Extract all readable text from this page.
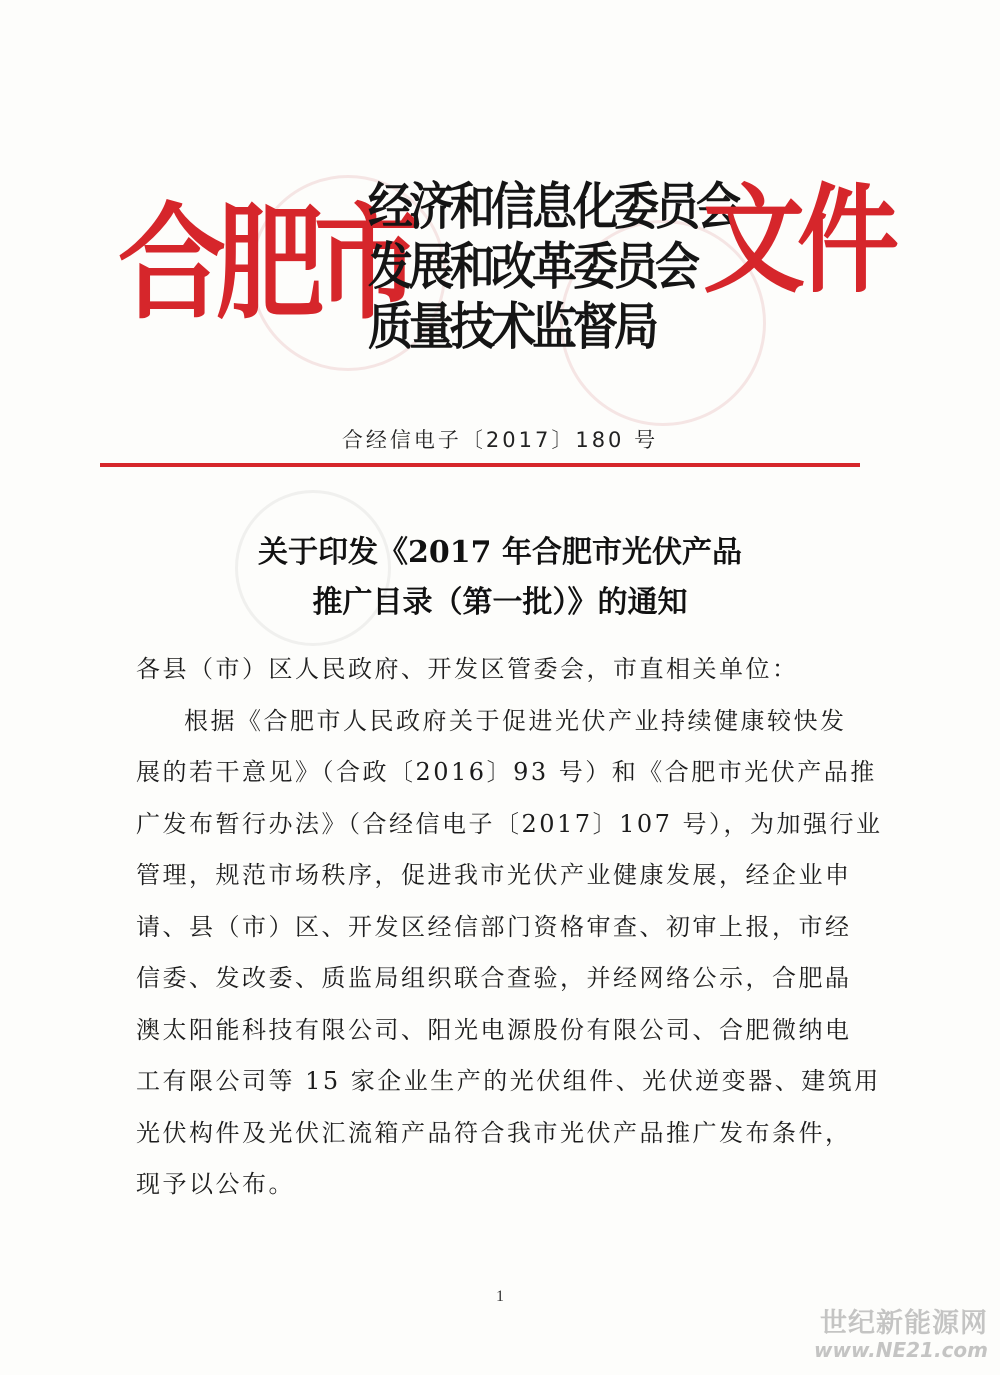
合肥市
经济和信息化委员会
发展和改革委员会
质量技术监督局
文件
合经信电子〔2017〕180 号
关于印发《2017 年合肥市光伏产品
推广目录（第一批）》的通知
各县（市）区人民政府、开发区管委会，市直相关单位：
根据《合肥市人民政府关于促进光伏产业持续健康较快发
展的若干意见》（合政〔2016〕93 号）和《合肥市光伏产品推
广发布暂行办法》（合经信电子〔2017〕107 号），为加强行业
管理，规范市场秩序，促进我市光伏产业健康发展，经企业申
请、县（市）区、开发区经信部门资格审查、初审上报，市经
信委、发改委、质监局组织联合查验，并经网络公示，合肥晶
澳太阳能科技有限公司、阳光电源股份有限公司、合肥微纳电
工有限公司等 15 家企业生产的光伏组件、光伏逆变器、建筑用
光伏构件及光伏汇流箱产品符合我市光伏产品推广发布条件，
现予以公布。
1
世纪新能源网
www.NE21.com
